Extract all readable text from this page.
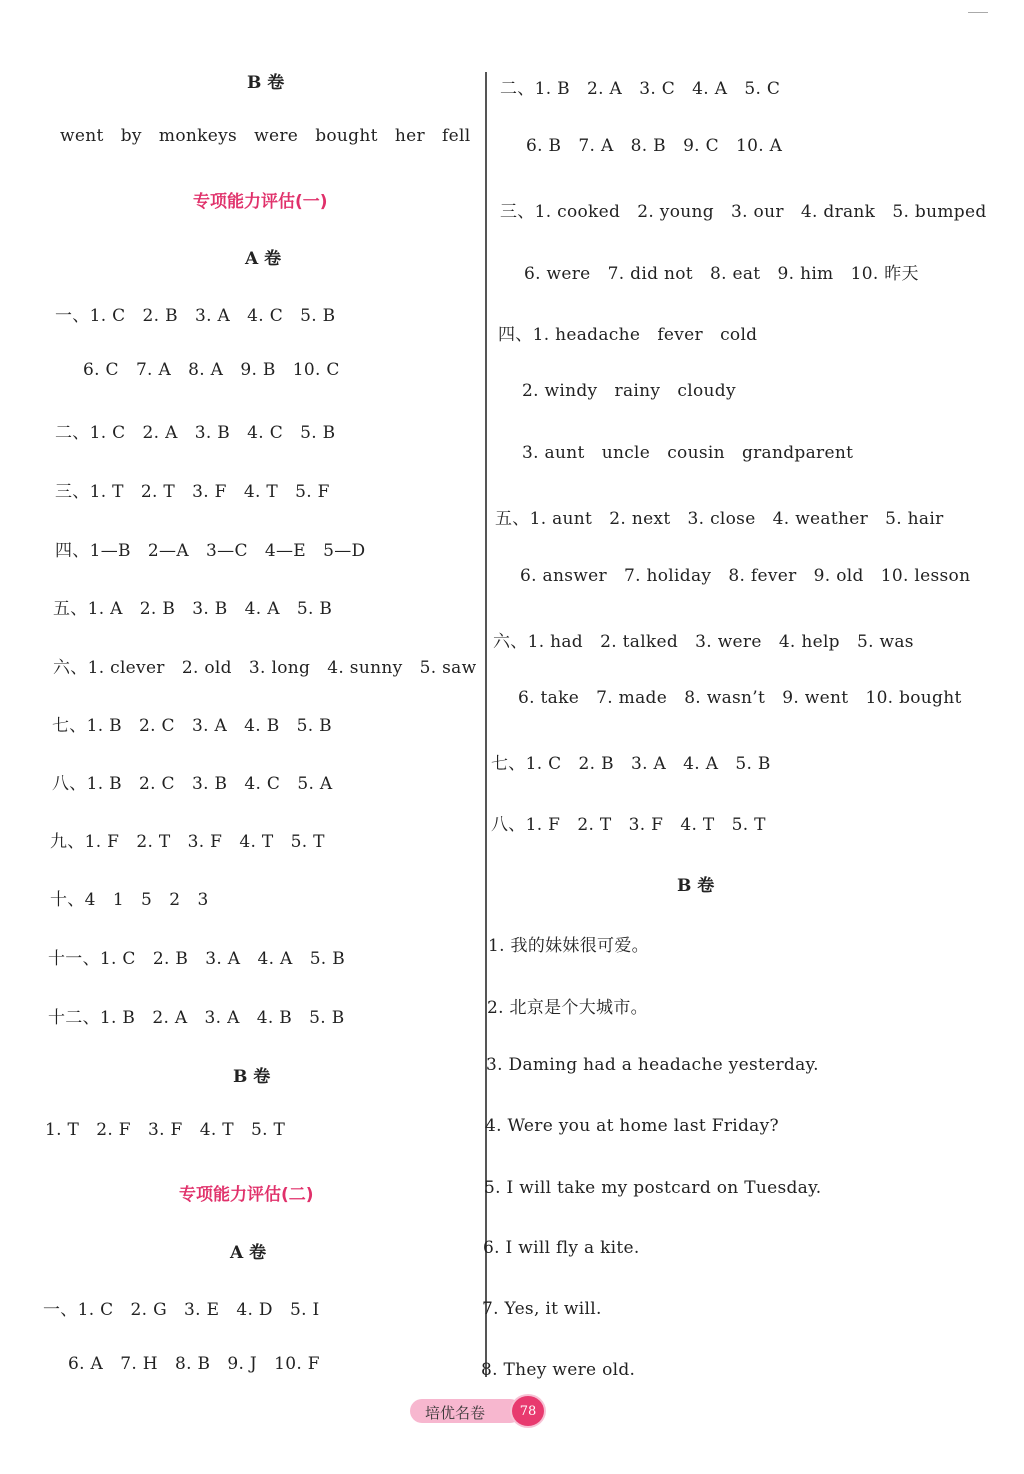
B 卷
went   by   monkeys   were   bought   her   fell
专项能力评估(一)
A 卷
一、1. C   2. B   3. A   4. C   5. B
6. C   7. A   8. A   9. B   10. C
二、1. C   2. A   3. B   4. C   5. B
三、1. T   2. T   3. F   4. T   5. F
四、1—B   2—A   3—C   4—E   5—D
五、1. A   2. B   3. B   4. A   5. B
六、1. clever   2. old   3. long   4. sunny   5. saw
七、1. B   2. C   3. A   4. B   5. B
八、1. B   2. C   3. B   4. C   5. A
九、1. F   2. T   3. F   4. T   5. T
十、4   1   5   2   3
十一、1. C   2. B   3. A   4. A   5. B
十二、1. B   2. A   3. A   4. B   5. B
B 卷
1. T   2. F   3. F   4. T   5. T
专项能力评估(二)
A 卷
一、1. C   2. G   3. E   4. D   5. I
6. A   7. H   8. B   9. J   10. F
二、1. B   2. A   3. C   4. A   5. C
6. B   7. A   8. B   9. C   10. A
三、1. cooked   2. young   3. our   4. drank   5. bumped
6. were   7. did not   8. eat   9. him   10. 昨天
四、1. headache   fever   cold
2. windy   rainy   cloudy
3. aunt   uncle   cousin   grandparent
五、1. aunt   2. next   3. close   4. weather   5. hair
6. answer   7. holiday   8. fever   9. old   10. lesson
六、1. had   2. talked   3. were   4. help   5. was
6. take   7. made   8. wasn’t   9. went   10. bought
七、1. C   2. B   3. A   4. A   5. B
八、1. F   2. T   3. F   4. T   5. T
B 卷
1. 我的妹妹很可爱。
2. 北京是个大城市。
3. Daming had a headache yesterday.
4. Were you at home last Friday?
5. I will take my postcard on Tuesday.
6. I will fly a kite.
7. Yes, it will.
8. They were old.
培优名卷	78
